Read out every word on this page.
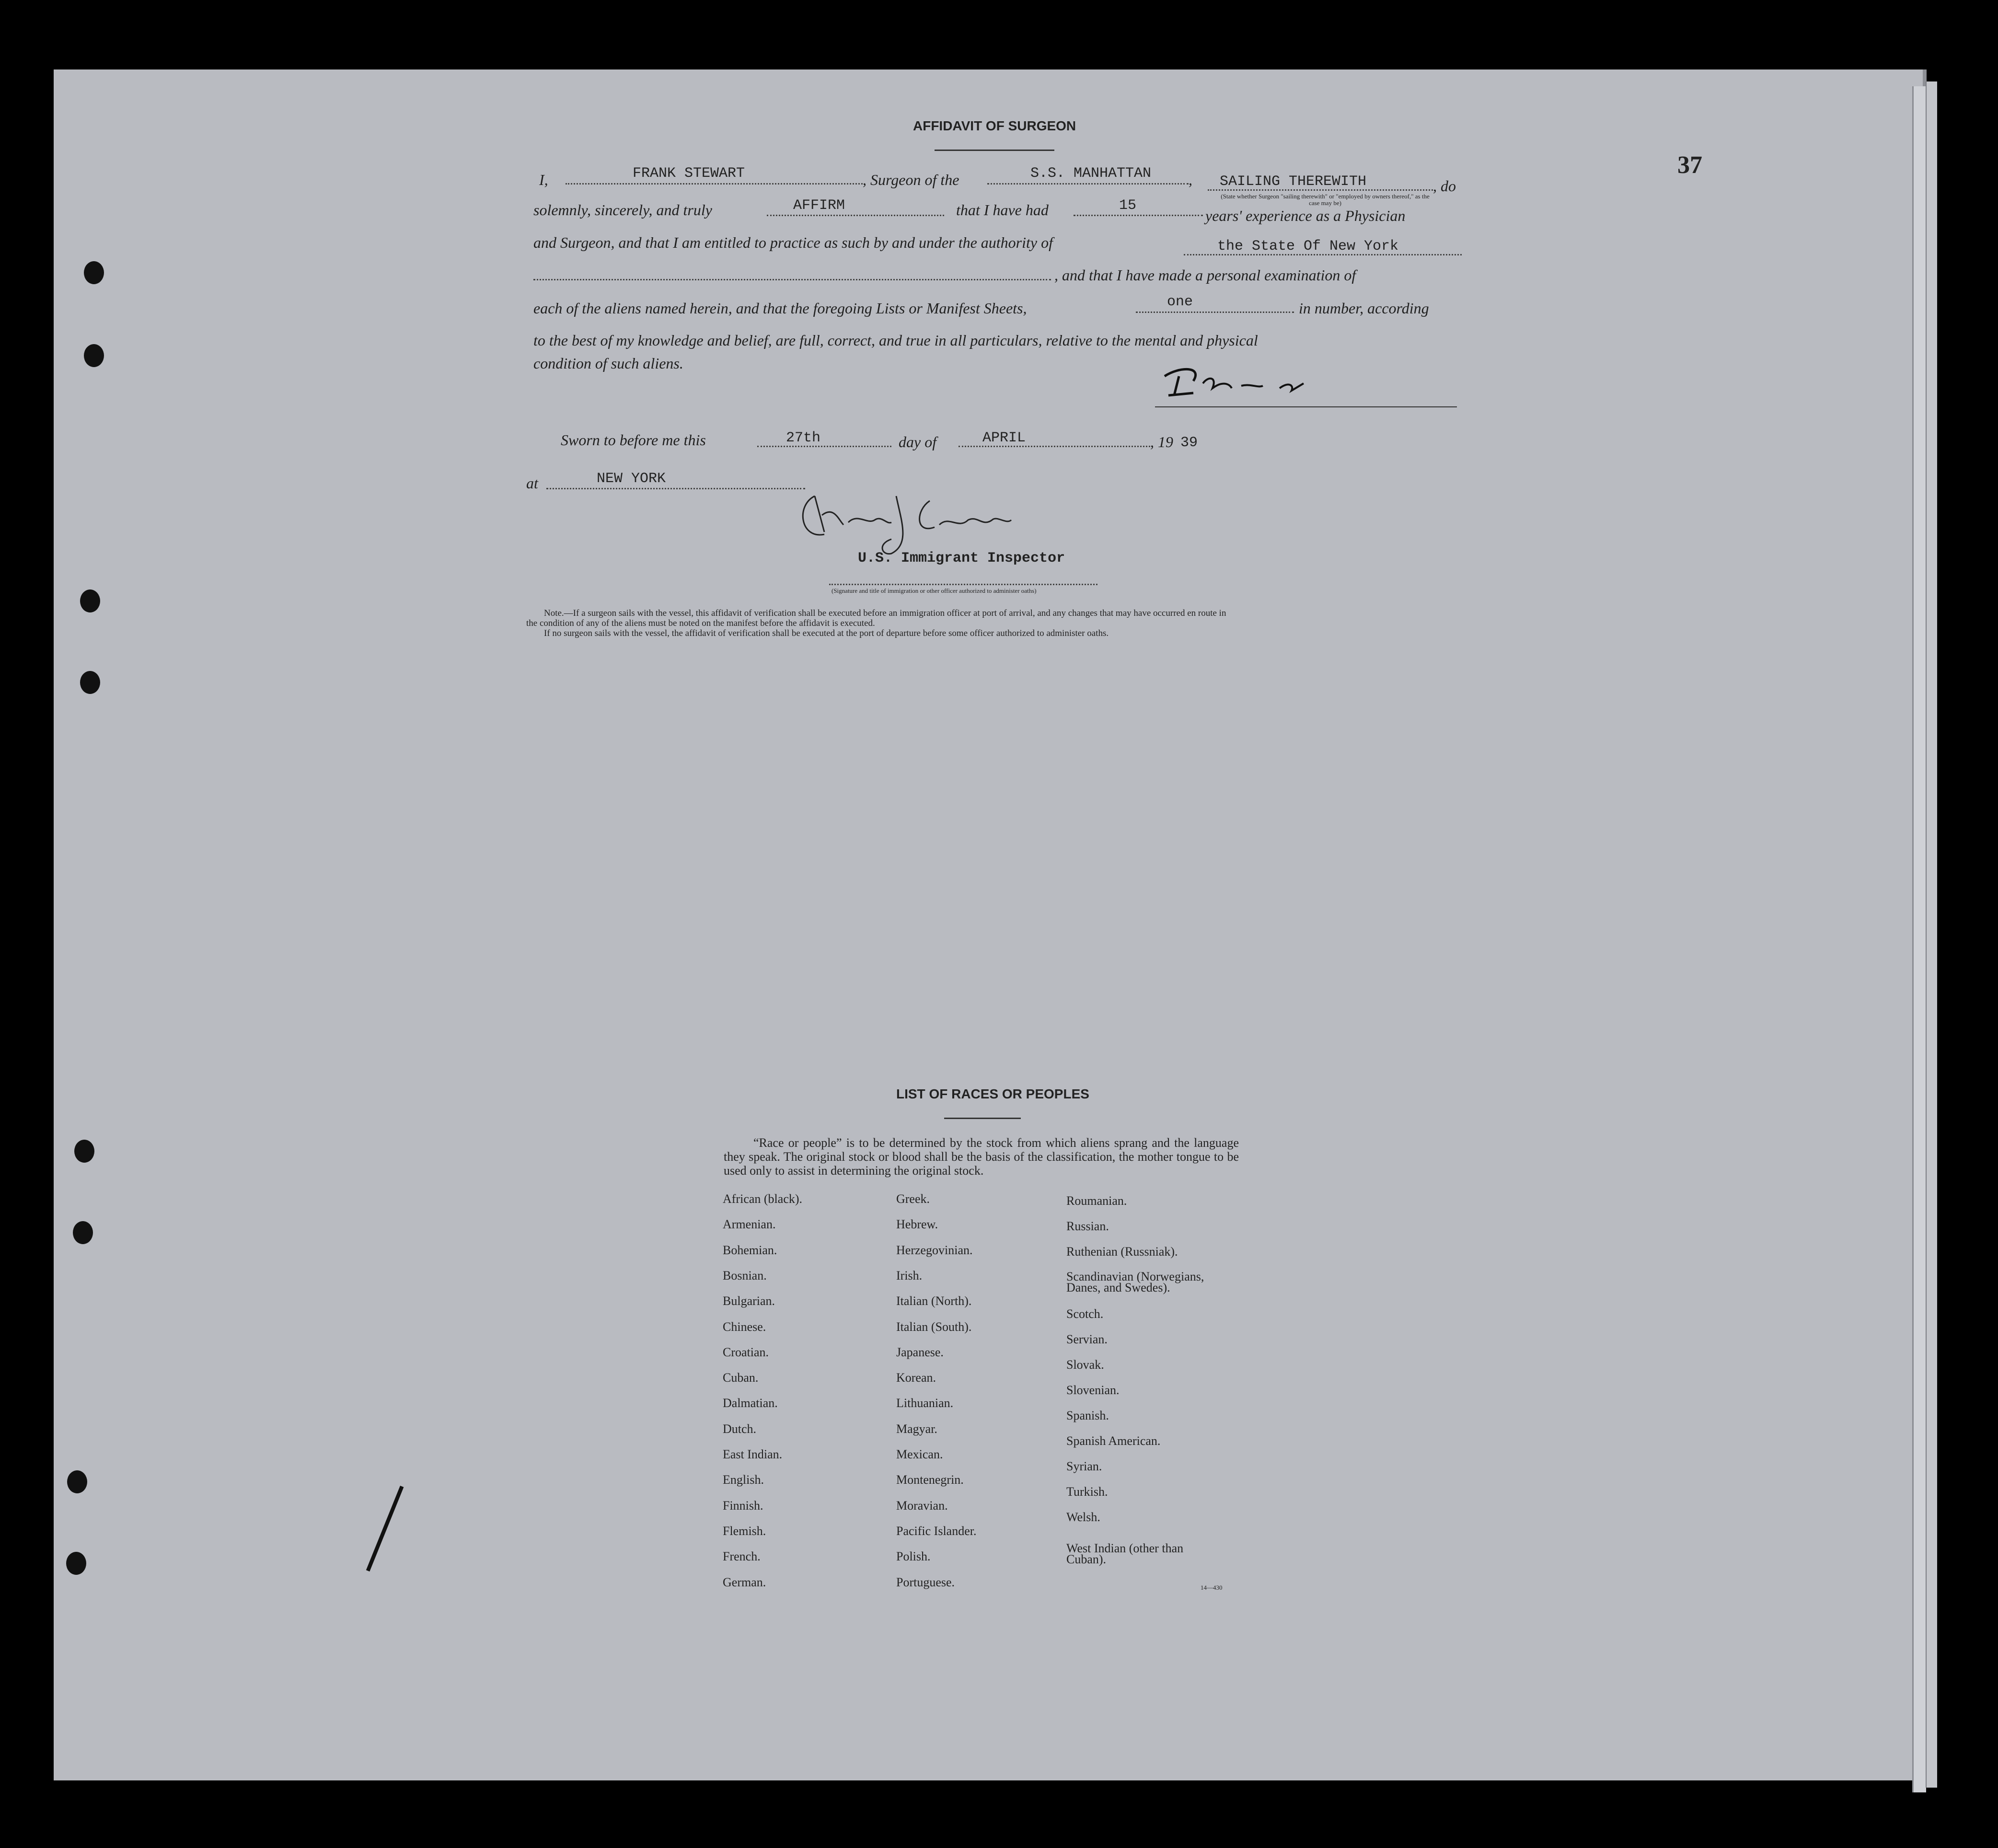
37
AFFIDAVIT OF SURGEON
I,	FRANK STEWART	, Surgeon of the	S.S. MANHATTAN , SAILING THEREWITH	, do
(State whether Surgeon "sailing therewith" or "employed by owners thereof," as the case may be)
solemnly, sincerely, and truly	AFFIRM	that I have had	15
years' experience as a Physician
and Surgeon, and that I am entitled to practice as such by and under the authority of	the State Of New York
, and that I have made a personal examination of
each of the aliens named herein, and that the foregoing Lists or Manifest Sheets,	one	in number, according
to the best of my knowledge and belief, are full, correct, and true in all particulars, relative to the mental and physical
condition of such aliens.
Sworn to before me this	27th	day of	APRIL	, 19 39
at	NEW YORK
U.S. Immigrant Inspector
(Signature and title of immigration or other officer authorized to administer oaths)
Note.—If a surgeon sails with the vessel, this affidavit of verification shall be executed before an immigration officer at port of arrival, and any changes that may have occurred en route in
the condition of any of the aliens must be noted on the manifest before the affidavit is executed.
If no surgeon sails with the vessel, the affidavit of verification shall be executed at the port of departure before some officer authorized to administer oaths.
LIST OF RACES OR PEOPLES
“Race or people” is to be determined by the stock from which aliens sprang and the language they speak. The original stock or blood shall be the basis of the classification, the mother tongue to be used only to assist in determining the original stock.
African (black).
Armenian.
Bohemian.
Bosnian.
Bulgarian.
Chinese.
Croatian.
Cuban.
Dalmatian.
Dutch.
East Indian.
English.
Finnish.
Flemish.
French.
German.
Greek.
Hebrew.
Herzegovinian.
Irish.
Italian (North).
Italian (South).
Japanese.
Korean.
Lithuanian.
Magyar.
Mexican.
Montenegrin.
Moravian.
Pacific Islander.
Polish.
Portuguese.
Roumanian.
Russian.
Ruthenian (Russniak).
Scandinavian (Norwegians,
Danes, and Swedes).
Scotch.
Servian.
Slovak.
Slovenian.
Spanish.
Spanish American.
Syrian.
Turkish.
Welsh.
West Indian (other than
Cuban).
14—430
